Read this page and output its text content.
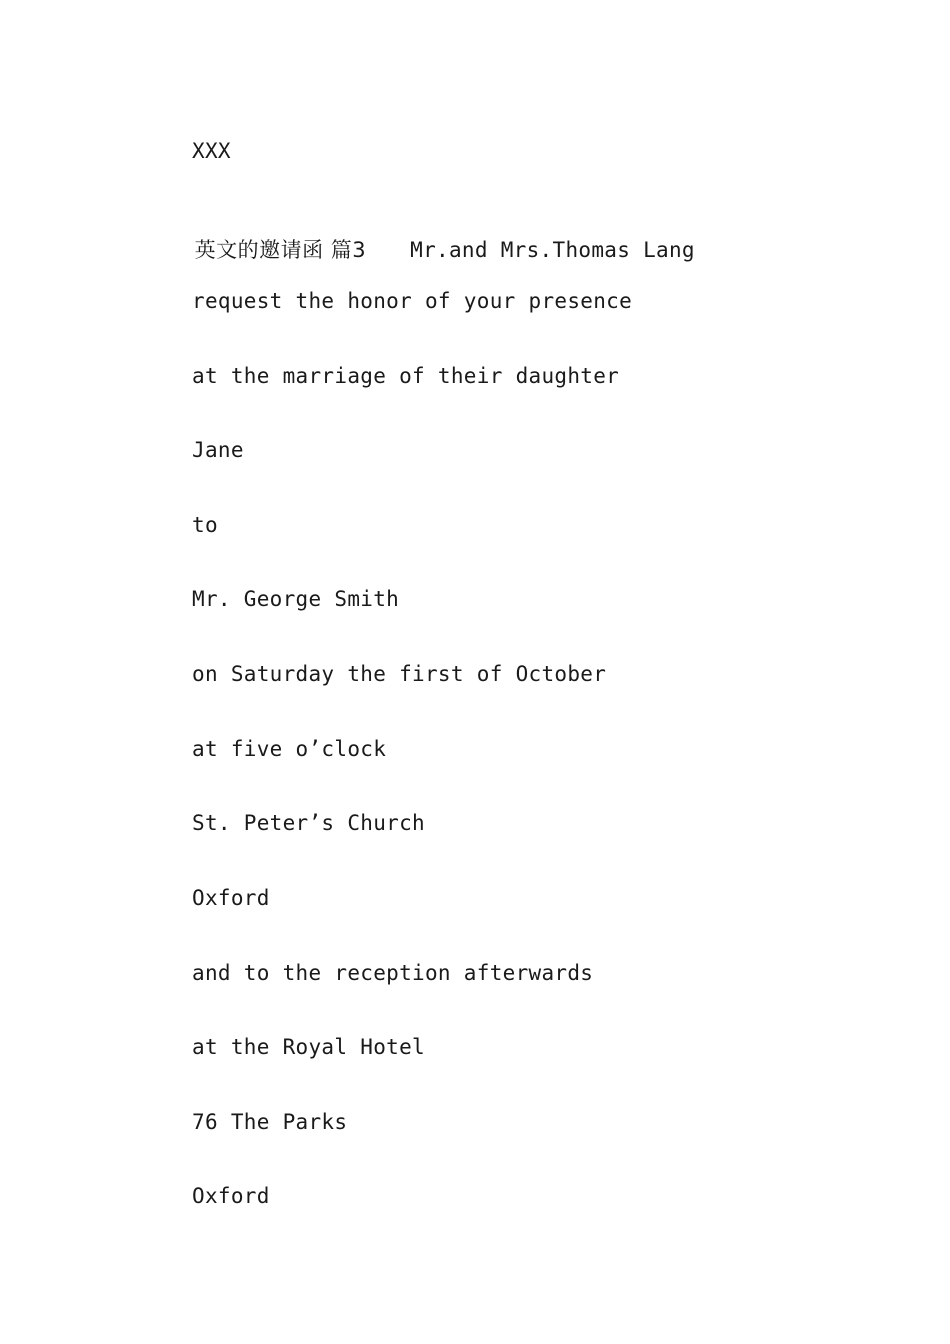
XXX

英文的邀请函 篇3 Mr.and Mrs.Thomas Lang

request the honor of your presence
at the marriage of their daughter
Jane
to
Mr. George Smith
on Saturday the first of October
at five o’clock
St. Peter’s Church
Oxford
and to the reception afterwards
at the Royal Hotel
76 The Parks
Oxford
